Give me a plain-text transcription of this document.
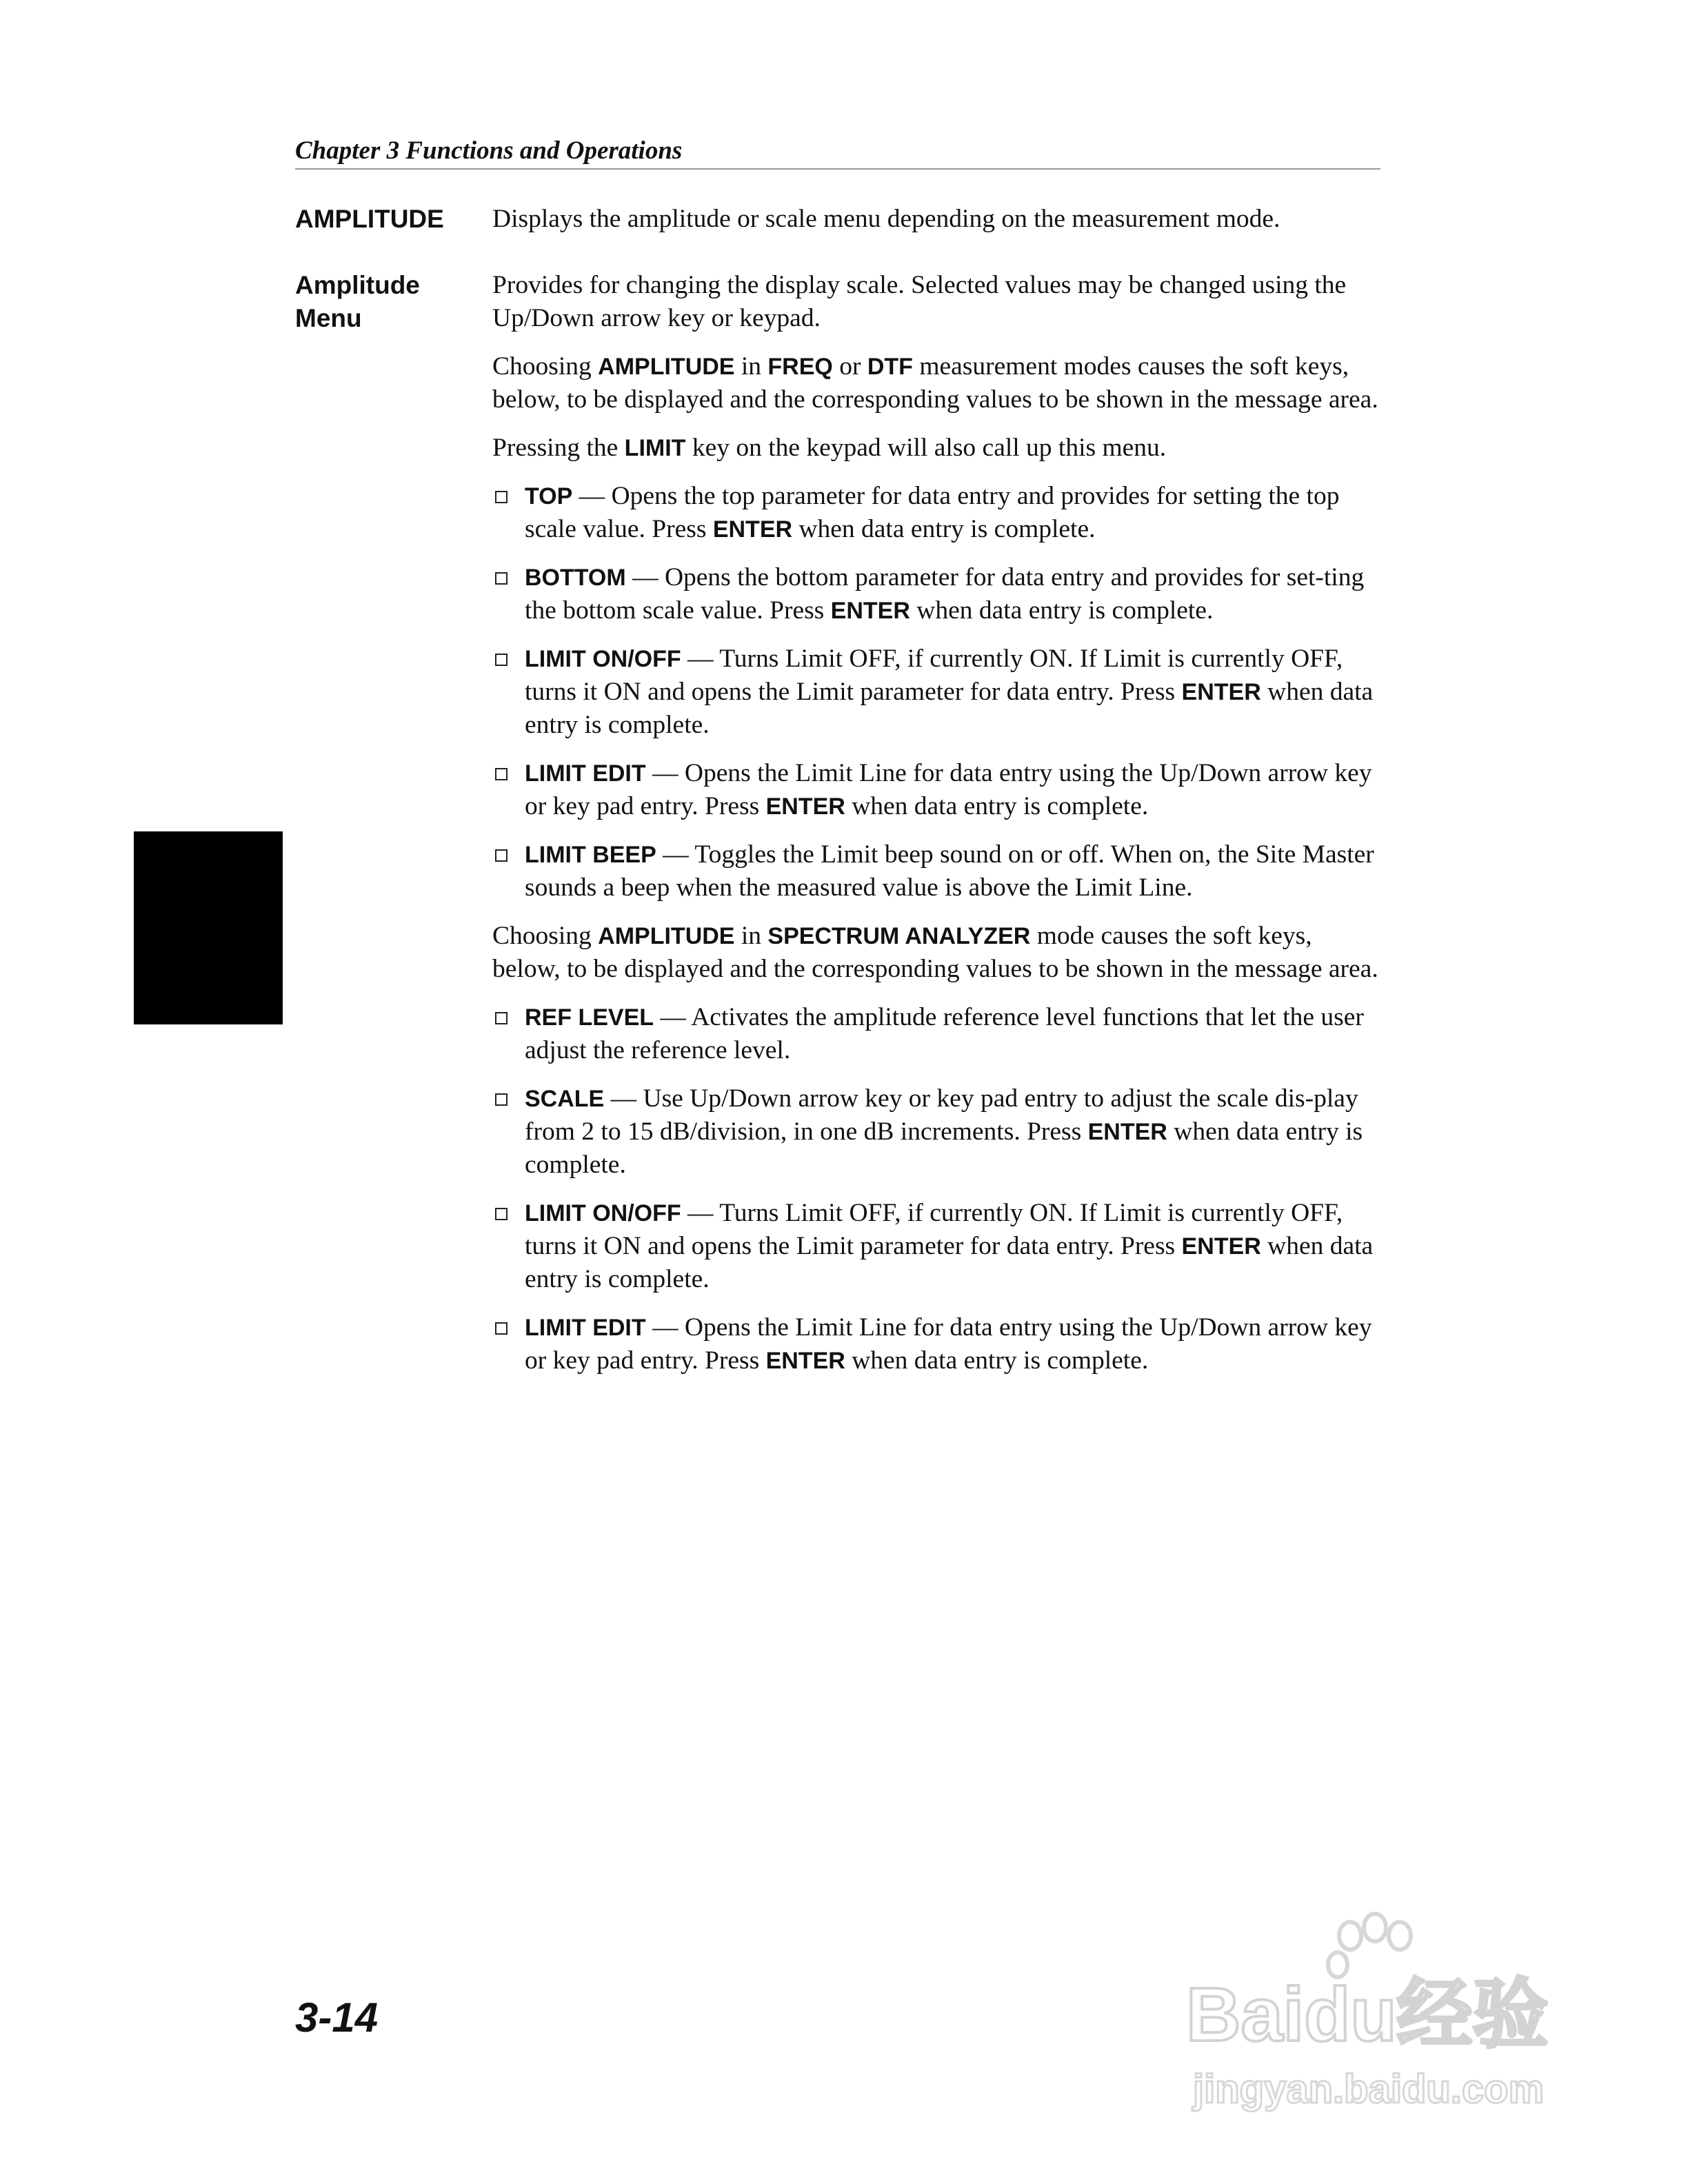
Chapter 3 Functions and Operations
AMPLITUDE	Displays the amplitude or scale menu depending on the measurement mode.

Amplitude
Menu

Provides for changing the display scale. Selected values may be changed using the Up/Down arrow key or keypad.

Choosing AMPLITUDE in FREQ or DTF measurement modes causes the soft keys, below, to be displayed and the corresponding values to be shown in the message area.

Pressing the LIMIT key on the keypad will also call up this menu.

TOP — Opens the top parameter for data entry and provides for setting the top scale value. Press ENTER when data entry is complete.
BOTTOM — Opens the bottom parameter for data entry and provides for set-ting the bottom scale value. Press ENTER when data entry is complete.
LIMIT ON/OFF — Turns Limit OFF, if currently ON. If Limit is currently OFF, turns it ON and opens the Limit parameter for data entry. Press ENTER when data entry is complete.
LIMIT EDIT — Opens the Limit Line for data entry using the Up/Down arrow key or key pad entry. Press ENTER when data entry is complete.
LIMIT BEEP — Toggles the Limit beep sound on or off. When on, the Site Master sounds a beep when the measured value is above the Limit Line.

Choosing AMPLITUDE in SPECTRUM ANALYZER mode causes the soft keys, below, to be displayed and the corresponding values to be shown in the message area.

REF LEVEL — Activates the amplitude reference level functions that let the user adjust the reference level.
SCALE — Use Up/Down arrow key or key pad entry to adjust the scale dis-play from 2 to 15 dB/division, in one dB increments. Press ENTER when data entry is complete.
LIMIT ON/OFF — Turns Limit OFF, if currently ON. If Limit is currently OFF, turns it ON and opens the Limit parameter for data entry. Press ENTER when data entry is complete.
LIMIT EDIT — Opens the Limit Line for data entry using the Up/Down arrow key or key pad entry. Press ENTER when data entry is complete.
3-14	Baidu经验
jingyan.baidu.com
